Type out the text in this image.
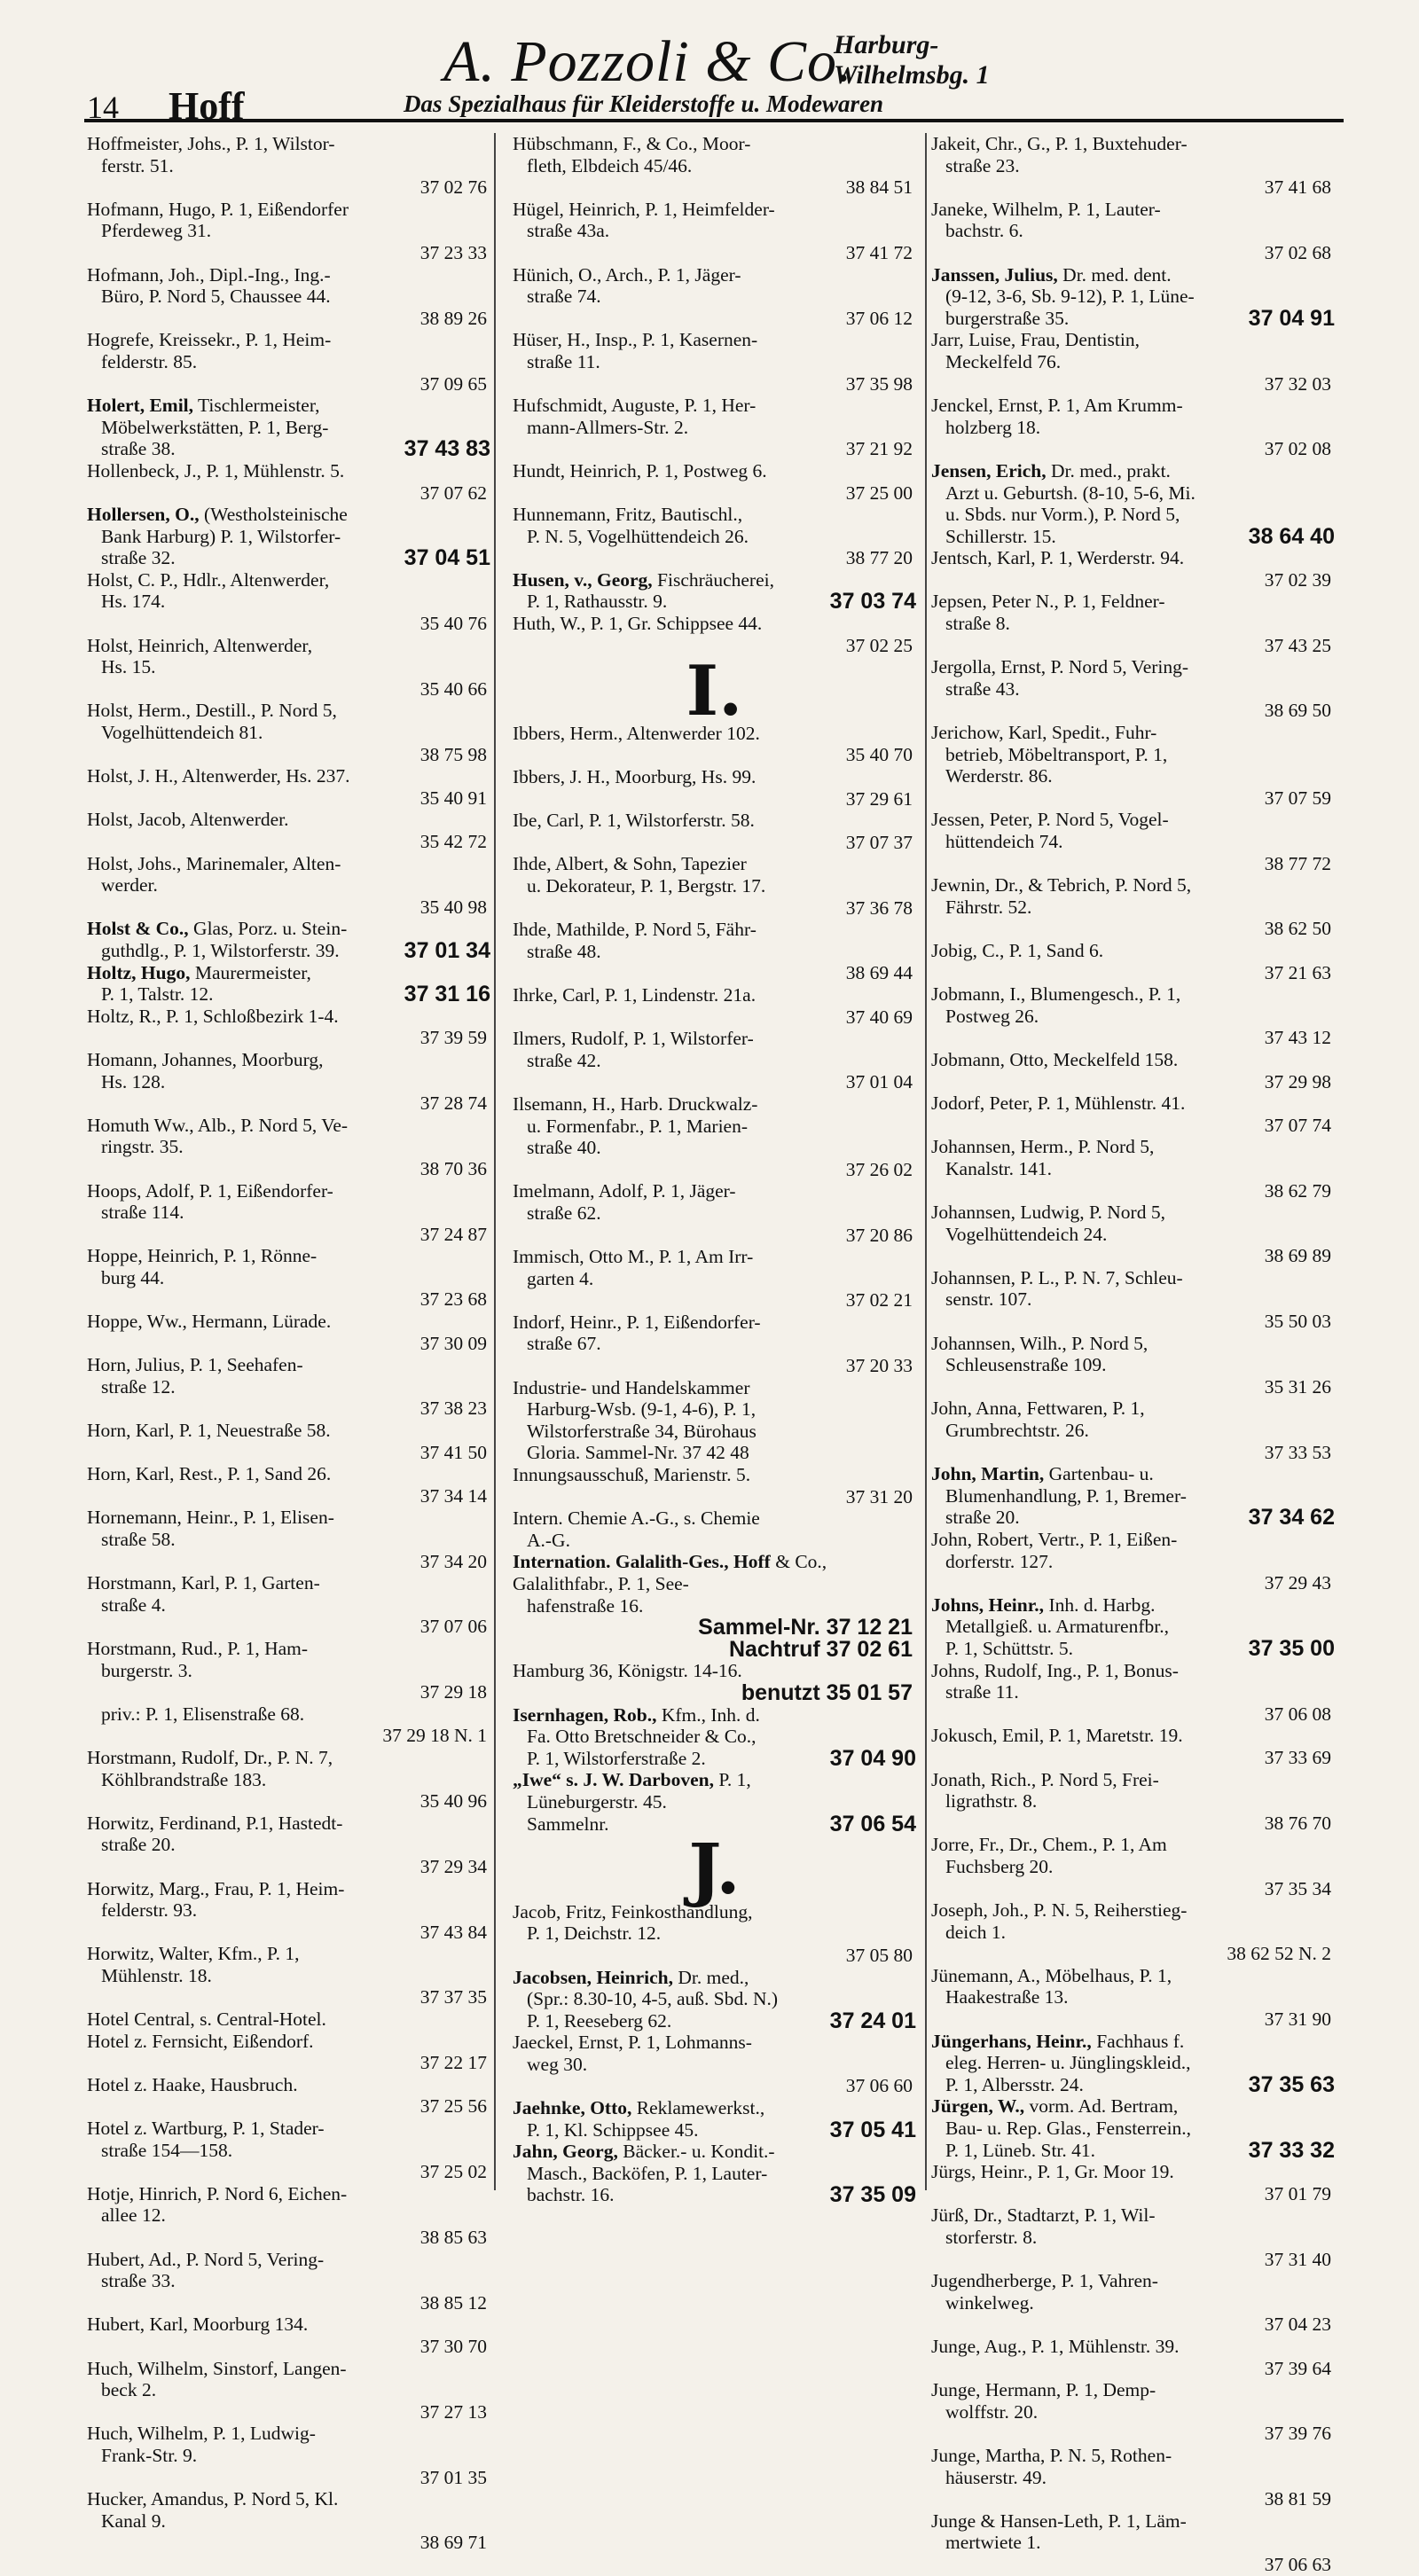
14 Hoff
A. Pozzoli & Co.
Harburg-
Wilhelmsbg. 1
Das Spezialhaus für Kleiderstoffe u. Modewaren
Hoffmeister, Johs., P. 1, Wilstor-
ferstr. 51.
37 02 76
Hofmann, Hugo, P. 1, Eißendorfer
Pferdeweg 31.
37 23 33
Hofmann, Joh., Dipl.-Ing., Ing.-
Büro, P. Nord 5, Chaussee 44.
38 89 26
Hogrefe, Kreissekr., P. 1, Heim-
felderstr. 85.
37 09 65
Holert, Emil, Tischlermeister,
Möbelwerkstätten, P. 1, Berg-
straße 38.	37 43 83
Hollenbeck, J., P. 1, Mühlenstr. 5.
37 07 62
Hollersen, O., (Westholsteinische
Bank Harburg) P. 1, Wilstorfer-
straße 32.	37 04 51
Holst, C. P., Hdlr., Altenwerder,
Hs. 174.
35 40 76
Holst, Heinrich, Altenwerder,
Hs. 15.
35 40 66
Holst, Herm., Destill., P. Nord 5,
Vogelhüttendeich 81.
38 75 98
Holst, J. H., Altenwerder, Hs. 237.
35 40 91
Holst, Jacob, Altenwerder.
35 42 72
Holst, Johs., Marinemaler, Alten-
werder.
35 40 98
Holst & Co., Glas, Porz. u. Stein-
guthdlg., P. 1, Wilstorferstr. 39.	37 01 34
Holtz, Hugo, Maurermeister,
P. 1, Talstr. 12.	37 31 16
Holtz, R., P. 1, Schloßbezirk 1-4.
37 39 59
Homann, Johannes, Moorburg,
Hs. 128.
37 28 74
Homuth Ww., Alb., P. Nord 5, Ve-
ringstr. 35.
38 70 36
Hoops, Adolf, P. 1, Eißendorfer-
straße 114.
37 24 87
Hoppe, Heinrich, P. 1, Rönne-
burg 44.
37 23 68
Hoppe, Ww., Hermann, Lürade.
37 30 09
Horn, Julius, P. 1, Seehafen-
straße 12.
37 38 23
Horn, Karl, P. 1, Neuestraße 58.
37 41 50
Horn, Karl, Rest., P. 1, Sand 26.
37 34 14
Hornemann, Heinr., P. 1, Elisen-
straße 58.
37 34 20
Horstmann, Karl, P. 1, Garten-
straße 4.
37 07 06
Horstmann, Rud., P. 1, Ham-
burgerstr. 3.
37 29 18
priv.: P. 1, Elisenstraße 68.
37 29 18 N. 1
Horstmann, Rudolf, Dr., P. N. 7,
Köhlbrandstraße 183.
35 40 96
Horwitz, Ferdinand, P.1, Hastedt-
straße 20.
37 29 34
Horwitz, Marg., Frau, P. 1, Heim-
felderstr. 93.
37 43 84
Horwitz, Walter, Kfm., P. 1,
Mühlenstr. 18.
37 37 35
Hotel Central, s. Central-Hotel.
Hotel z. Fernsicht, Eißendorf.
37 22 17
Hotel z. Haake, Hausbruch.
37 25 56
Hotel z. Wartburg, P. 1, Stader-
straße 154—158.
37 25 02
Hotje, Hinrich, P. Nord 6, Eichen-
allee 12.
38 85 63
Hubert, Ad., P. Nord 5, Vering-
straße 33.
38 85 12
Hubert, Karl, Moorburg 134.
37 30 70
Huch, Wilhelm, Sinstorf, Langen-
beck 2.
37 27 13
Huch, Wilhelm, P. 1, Ludwig-
Frank-Str. 9.
37 01 35
Hucker, Amandus, P. Nord 5, Kl.
Kanal 9.
38 69 71
Hübschmann, F., & Co., Moor-
fleth, Elbdeich 45/46.
38 84 51
Hügel, Heinrich, P. 1, Heimfelder-
straße 43a.
37 41 72
Hünich, O., Arch., P. 1, Jäger-
straße 74.
37 06 12
Hüser, H., Insp., P. 1, Kasernen-
straße 11.
37 35 98
Hufschmidt, Auguste, P. 1, Her-
mann-Allmers-Str. 2.
37 21 92
Hundt, Heinrich, P. 1, Postweg 6.
37 25 00
Hunnemann, Fritz, Bautischl.,
P. N. 5, Vogelhüttendeich 26.
38 77 20
Husen, v., Georg, Fischräucherei,
P. 1, Rathausstr. 9.	37 03 74
Huth, W., P. 1, Gr. Schippsee 44.
37 02 25
I.
Ibbers, Herm., Altenwerder 102.
35 40 70
Ibbers, J. H., Moorburg, Hs. 99.
37 29 61
Ibe, Carl, P. 1, Wilstorferstr. 58.
37 07 37
Ihde, Albert, & Sohn, Tapezier
u. Dekorateur, P. 1, Bergstr. 17.
37 36 78
Ihde, Mathilde, P. Nord 5, Fähr-
straße 48.
38 69 44
Ihrke, Carl, P. 1, Lindenstr. 21a.
37 40 69
Ilmers, Rudolf, P. 1, Wilstorfer-
straße 42.
37 01 04
Ilsemann, H., Harb. Druckwalz-
u. Formenfabr., P. 1, Marien-
straße 40.
37 26 02
Imelmann, Adolf, P. 1, Jäger-
straße 62.
37 20 86
Immisch, Otto M., P. 1, Am Irr-
garten 4.
37 02 21
Indorf, Heinr., P. 1, Eißendorfer-
straße 67.
37 20 33
Industrie- und Handelskammer
Harburg-Wsb. (9-1, 4-6), P. 1,
Wilstorferstraße 34, Bürohaus
Gloria. Sammel-Nr. 37 42 48
Innungsausschuß, Marienstr. 5.
37 31 20
Intern. Chemie A.-G., s. Chemie
A.-G.
Internation. Galalith-Ges., Hoff & Co., Galalithfabr., P. 1, See-
hafenstraße 16.
Sammel-Nr. 37 12 21
Nachtruf 37 02 61
Hamburg 36, Königstr. 14-16.
benutzt 35 01 57
Isernhagen, Rob., Kfm., Inh. d.
Fa. Otto Bretschneider & Co.,
P. 1, Wilstorferstraße 2.	37 04 90
„Iwe“ s. J. W. Darboven, P. 1,
Lüneburgerstr. 45.
Sammelnr.	37 06 54
J.
Jacob, Fritz, Feinkosthandlung,
P. 1, Deichstr. 12.
37 05 80
Jacobsen, Heinrich, Dr. med.,
(Spr.: 8.30-10, 4-5, auß. Sbd. N.)
P. 1, Reeseberg 62.	37 24 01
Jaeckel, Ernst, P. 1, Lohmanns-
weg 30.
37 06 60
Jaehnke, Otto, Reklamewerkst.,
P. 1, Kl. Schippsee 45.	37 05 41
Jahn, Georg, Bäcker.- u. Kondit.-
Masch., Backöfen, P. 1, Lauter-
bachstr. 16.	37 35 09
Jakeit, Chr., G., P. 1, Buxtehuder-
straße 23.
37 41 68
Janeke, Wilhelm, P. 1, Lauter-
bachstr. 6.
37 02 68
Janssen, Julius, Dr. med. dent.
(9-12, 3-6, Sb. 9-12), P. 1, Lüne-
burgerstraße 35.	37 04 91
Jarr, Luise, Frau, Dentistin,
Meckelfeld 76.
37 32 03
Jenckel, Ernst, P. 1, Am Krumm-
holzberg 18.
37 02 08
Jensen, Erich, Dr. med., prakt.
Arzt u. Geburtsh. (8-10, 5-6, Mi.
u. Sbds. nur Vorm.), P. Nord 5,
Schillerstr. 15.	38 64 40
Jentsch, Karl, P. 1, Werderstr. 94.
37 02 39
Jepsen, Peter N., P. 1, Feldner-
straße 8.
37 43 25
Jergolla, Ernst, P. Nord 5, Vering-
straße 43.
38 69 50
Jerichow, Karl, Spedit., Fuhr-
betrieb, Möbeltransport, P. 1,
Werderstr. 86.
37 07 59
Jessen, Peter, P. Nord 5, Vogel-
hüttendeich 74.
38 77 72
Jewnin, Dr., & Tebrich, P. Nord 5,
Fährstr. 52.
38 62 50
Jobig, C., P. 1, Sand 6.
37 21 63
Jobmann, I., Blumengesch., P. 1,
Postweg 26.
37 43 12
Jobmann, Otto, Meckelfeld 158.
37 29 98
Jodorf, Peter, P. 1, Mühlenstr. 41.
37 07 74
Johannsen, Herm., P. Nord 5,
Kanalstr. 141.
38 62 79
Johannsen, Ludwig, P. Nord 5,
Vogelhüttendeich 24.
38 69 89
Johannsen, P. L., P. N. 7, Schleu-
senstr. 107.
35 50 03
Johannsen, Wilh., P. Nord 5,
Schleusenstraße 109.
35 31 26
John, Anna, Fettwaren, P. 1,
Grumbrechtstr. 26.
37 33 53
John, Martin, Gartenbau- u.
Blumenhandlung, P. 1, Bremer-
straße 20.	37 34 62
John, Robert, Vertr., P. 1, Eißen-
dorferstr. 127.
37 29 43
Johns, Heinr., Inh. d. Harbg.
Metallgieß. u. Armaturenfbr.,
P. 1, Schüttstr. 5.	37 35 00
Johns, Rudolf, Ing., P. 1, Bonus-
straße 11.
37 06 08
Jokusch, Emil, P. 1, Maretstr. 19.
37 33 69
Jonath, Rich., P. Nord 5, Frei-
ligrathstr. 8.
38 76 70
Jorre, Fr., Dr., Chem., P. 1, Am
Fuchsberg 20.
37 35 34
Joseph, Joh., P. N. 5, Reiherstieg-
deich 1.
38 62 52 N. 2
Jünemann, A., Möbelhaus, P. 1,
Haakestraße 13.
37 31 90
Jüngerhans, Heinr., Fachhaus f.
eleg. Herren- u. Jünglingskleid.,
P. 1, Albersstr. 24.	37 35 63
Jürgen, W., vorm. Ad. Bertram,
Bau- u. Rep. Glas., Fensterrein.,
P. 1, Lüneb. Str. 41.	37 33 32
Jürgs, Heinr., P. 1, Gr. Moor 19.
37 01 79
Jürß, Dr., Stadtarzt, P. 1, Wil-
storferstr. 8.
37 31 40
Jugendherberge, P. 1, Vahren-
winkelweg.
37 04 23
Junge, Aug., P. 1, Mühlenstr. 39.
37 39 64
Junge, Hermann, P. 1, Demp-
wolffstr. 20.
37 39 76
Junge, Martha, P. N. 5, Rothen-
häuserstr. 49.
38 81 59
Junge & Hansen-Leth, P. 1, Läm-
mertwiete 1.
37 06 63
